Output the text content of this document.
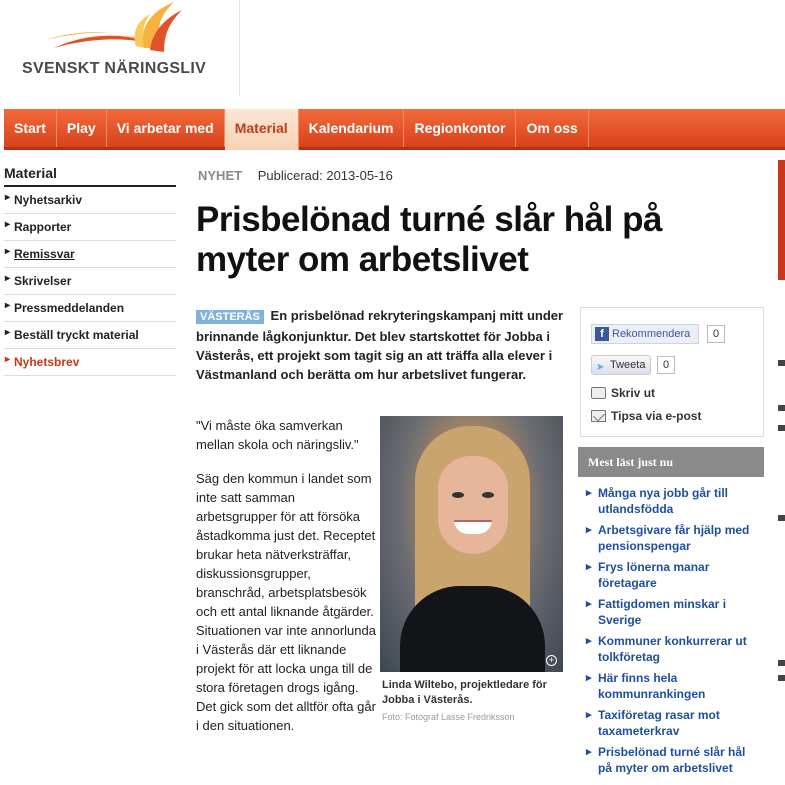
SVENSKT NÄRINGSLIV
Start	Play	Vi arbetar med	Material	Kalendarium	Regionkontor	Om oss
Material
▸ Nyhetsarkiv
▸ Rapporter
▸ Remissvar
▸ Skrivelser
▸ Pressmeddelanden
▸ Beställ tryckt material
▸ Nyhetsbrev
NYHET Publicerad: 2013-05-16
Prisbelönad turné slår hål på myter om arbetslivet
VÄSTERÅS En prisbelönad rekryteringskampanj mitt under brinnande lågkonjunktur. Det blev startskottet för Jobba i Västerås, ett projekt som tagit sig an att träffa alla elever i Västmanland och berätta om hur arbetslivet fungerar.
"Vi måste öka samverkan mellan skola och näringsliv."
Säg den kommun i landet som inte satt samman arbetsgrupper för att försöka åstadkomma just det. Receptet brukar heta nätverksträffar, diskussionsgrupper, branschråd, arbetsplatsbesök och ett antal liknande åtgärder. Situationen var inte annorlunda i Västerås där ett liknande projekt för att locka unga till de stora företagen drogs igång. Det gick som det alltför ofta går i den situationen.
+
Linda Wiltebo, projektledare för Jobba i Västerås.
Foto: Fotograf Lasse Fredriksson
f Rekommendera	0
➤ Tweeta	0
Skriv ut
Tipsa via e-post
Mest läst just nu
▸ Många nya jobb går till utlandsfödda
▸ Arbetsgivare får hjälp med pensionspengar
▸ Frys lönerna manar företagare
▸ Fattigdomen minskar i Sverige
▸ Kommuner konkurrerar ut tolkföretag
▸ Här finns hela kommunrankingen
▸ Taxiföretag rasar mot taxameterkrav
▸ Prisbelönad turné slår hål på myter om arbetslivet
